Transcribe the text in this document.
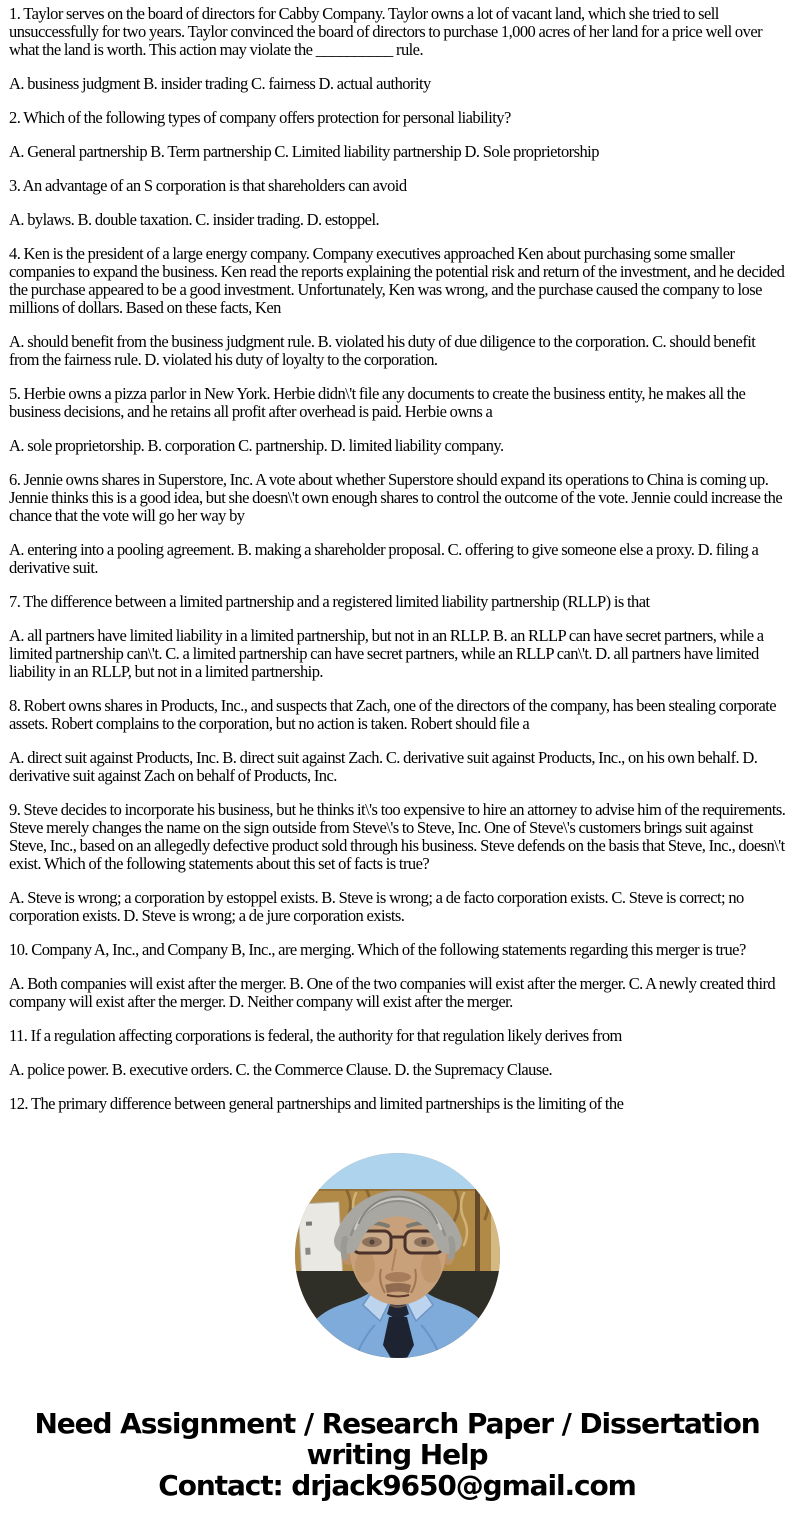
1. Taylor serves on the board of directors for Cabby Company. Taylor owns a lot of vacant land, which she tried to sell unsuccessfully for two years. Taylor convinced the board of directors to purchase 1,000 acres of her land for a price well over what the land is worth. This action may violate the __________ rule.

A. business judgment B. insider trading C. fairness D. actual authority

2. Which of the following types of company offers protection for personal liability?

A. General partnership B. Term partnership C. Limited liability partnership D. Sole proprietorship

3. An advantage of an S corporation is that shareholders can avoid

A. bylaws. B. double taxation. C. insider trading. D. estoppel.

4. Ken is the president of a large energy company. Company executives approached Ken about purchasing some smaller companies to expand the business. Ken read the reports explaining the potential risk and return of the investment, and he decided the purchase appeared to be a good investment. Unfortunately, Ken was wrong, and the purchase caused the company to lose millions of dollars. Based on these facts, Ken

A. should benefit from the business judgment rule. B. violated his duty of due diligence to the corporation. C. should benefit from the fairness rule. D. violated his duty of loyalty to the corporation.

5. Herbie owns a pizza parlor in New York. Herbie didn\'t file any documents to create the business entity, he makes all the business decisions, and he retains all profit after overhead is paid. Herbie owns a

A. sole proprietorship. B. corporation C. partnership. D. limited liability company.

6. Jennie owns shares in Superstore, Inc. A vote about whether Superstore should expand its operations to China is coming up. Jennie thinks this is a good idea, but she doesn\'t own enough shares to control the outcome of the vote. Jennie could increase the chance that the vote will go her way by

A. entering into a pooling agreement. B. making a shareholder proposal. C. offering to give someone else a proxy. D. filing a derivative suit.

7. The difference between a limited partnership and a registered limited liability partnership (RLLP) is that

A. all partners have limited liability in a limited partnership, but not in an RLLP. B. an RLLP can have secret partners, while a limited partnership can\'t. C. a limited partnership can have secret partners, while an RLLP can\'t. D. all partners have limited liability in an RLLP, but not in a limited partnership.

8. Robert owns shares in Products, Inc., and suspects that Zach, one of the directors of the company, has been stealing corporate assets. Robert complains to the corporation, but no action is taken. Robert should file a

A. direct suit against Products, Inc. B. direct suit against Zach. C. derivative suit against Products, Inc., on his own behalf. D. derivative suit against Zach on behalf of Products, Inc.

9. Steve decides to incorporate his business, but he thinks it\'s too expensive to hire an attorney to advise him of the requirements. Steve merely changes the name on the sign outside from Steve\'s to Steve, Inc. One of Steve\'s customers brings suit against Steve, Inc., based on an allegedly defective product sold through his business. Steve defends on the basis that Steve, Inc., doesn\'t exist. Which of the following statements about this set of facts is true?

A. Steve is wrong; a corporation by estoppel exists. B. Steve is wrong; a de facto corporation exists. C. Steve is correct; no corporation exists. D. Steve is wrong; a de jure corporation exists.

10. Company A, Inc., and Company B, Inc., are merging. Which of the following statements regarding this merger is true?

A. Both companies will exist after the merger. B. One of the two companies will exist after the merger. C. A newly created third company will exist after the merger. D. Neither company will exist after the merger.

11. If a regulation affecting corporations is federal, the authority for that regulation likely derives from

A. police power. B. executive orders. C. the Commerce Clause. D. the Supremacy Clause.

12. The primary difference between general partnerships and limited partnerships is the limiting of the

Need Assignment / Research Paper / Dissertation
writing Help
Contact: drjack9650@gmail.com
